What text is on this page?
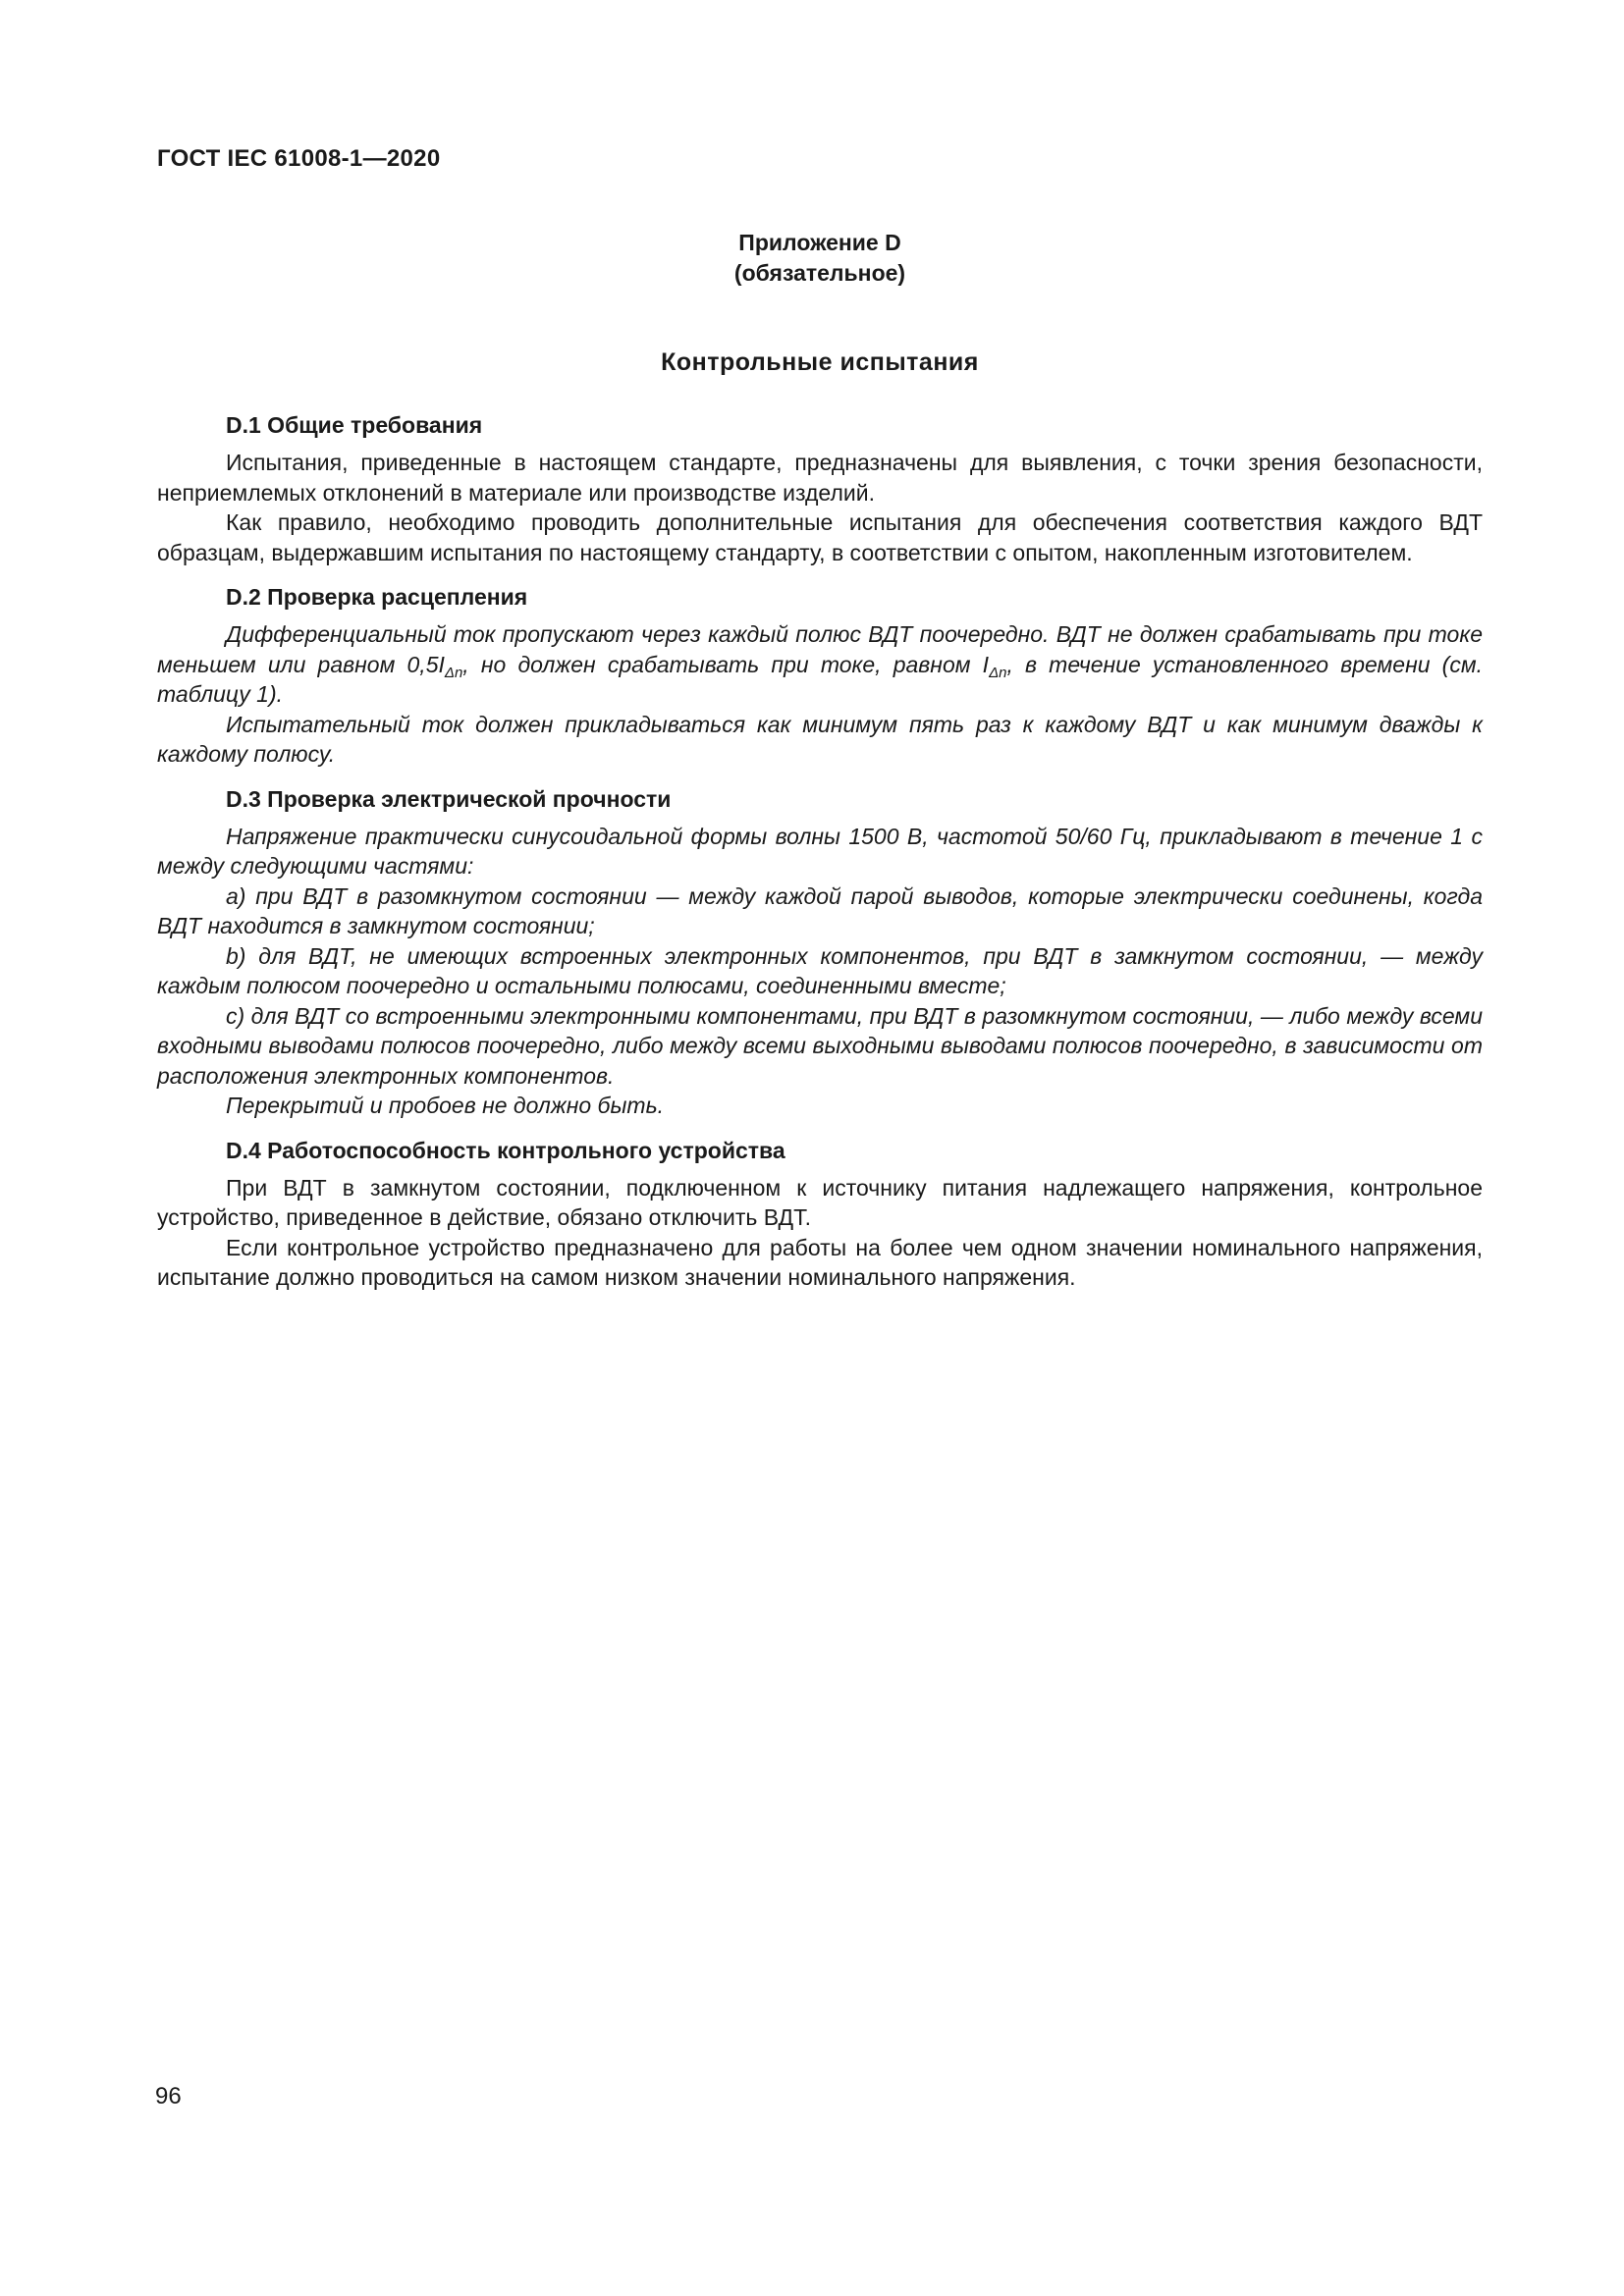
ГОСТ IEC 61008-1—2020
Приложение D
(обязательное)
Контрольные испытания
D.1 Общие требования

Испытания, приведенные в настоящем стандарте, предназначены для выявления, с точки зрения безопасности, неприемлемых отклонений в материале или производстве изделий.

Как правило, необходимо проводить дополнительные испытания для обеспечения соответствия каждого ВДТ образцам, выдержавшим испытания по настоящему стандарту, в соответствии с опытом, накопленным изготовителем.

D.2 Проверка расцепления

Дифференциальный ток пропускают через каждый полюс ВДТ поочередно. ВДТ не должен срабатывать при токе меньшем или равном $0,5I_{\Delta n}$, но должен срабатывать при токе, равном $I_{\Delta n}$, в течение установленного времени (см. таблицу 1).

Испытательный ток должен прикладываться как минимум пять раз к каждому ВДТ и как минимум дважды к каждому полюсу.

D.3 Проверка электрической прочности

Напряжение практически синусоидальной формы волны 1500 В, частотой 50/60 Гц, прикладывают в течение 1 с между следующими частями:

а) при ВДТ в разомкнутом состоянии — между каждой парой выводов, которые электрически соединены, когда ВДТ находится в замкнутом состоянии;

b) для ВДТ, не имеющих встроенных электронных компонентов, при ВДТ в замкнутом состоянии, — между каждым полюсом поочередно и остальными полюсами, соединенными вместе;

с) для ВДТ со встроенными электронными компонентами, при ВДТ в разомкнутом состоянии, — либо между всеми входными выводами полюсов поочередно, либо между всеми выходными выводами полюсов поочередно, в зависимости от расположения электронных компонентов.

Перекрытий и пробоев не должно быть.

D.4 Работоспособность контрольного устройства

При ВДТ в замкнутом состоянии, подключенном к источнику питания надлежащего напряжения, контрольное устройство, приведенное в действие, обязано отключить ВДТ.

Если контрольное устройство предназначено для работы на более чем одном значении номинального напряжения, испытание должно проводиться на самом низком значении номинального напряжения.

96
